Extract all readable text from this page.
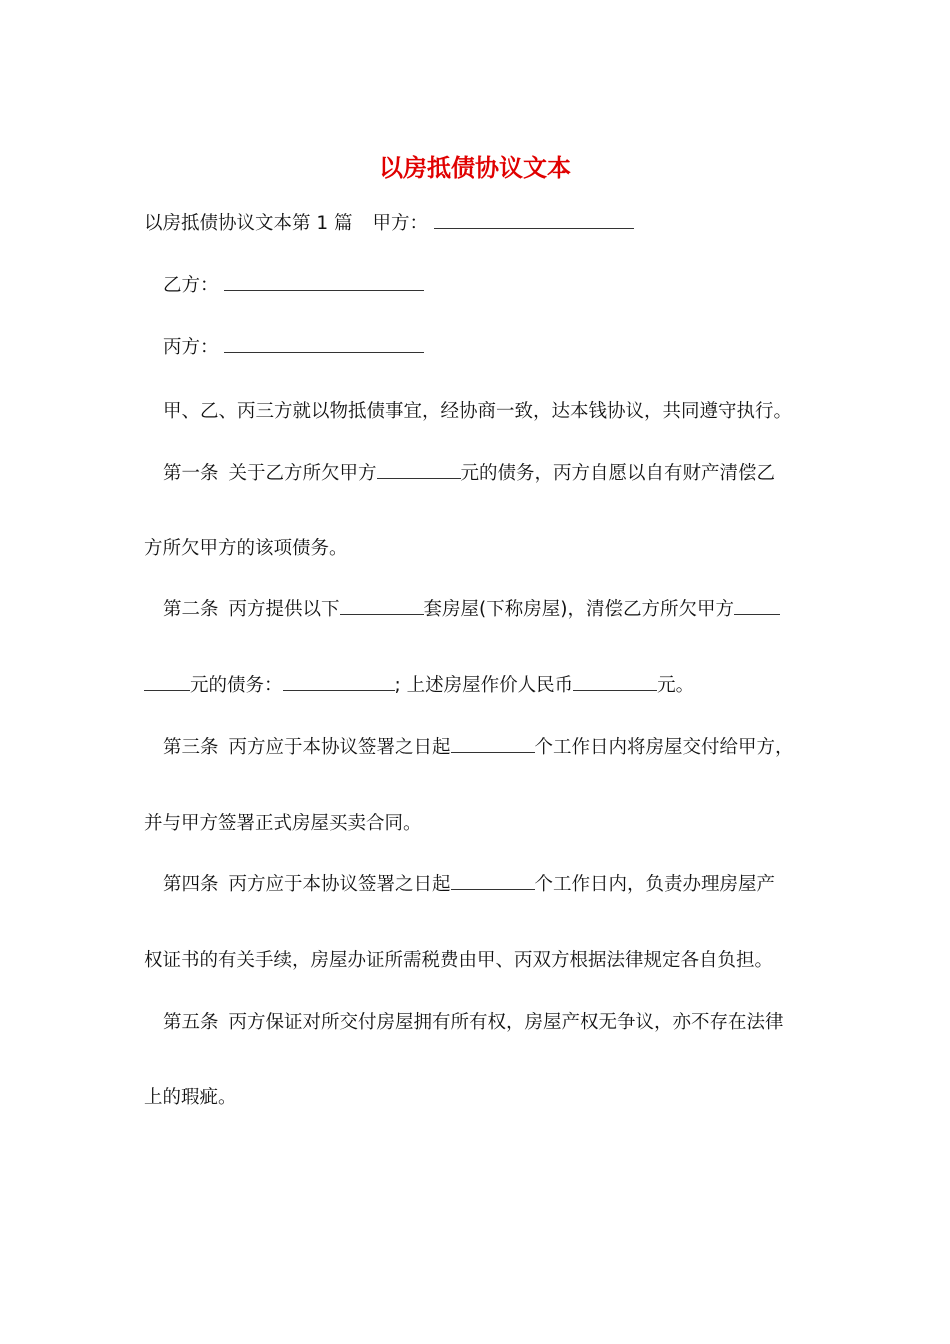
以房抵债协议文本
以房抵债协议文本第 1 篇 甲方：
乙方：
丙方：
甲、乙、丙三方就以物抵债事宜，经协商一致，达本钱协议，共同遵守执行。
第一条 关于乙方所欠甲方	元的债务，丙方自愿以自有财产清偿乙
方所欠甲方的该项债务。
第二条 丙方提供以下	套房屋(下称房屋)，清偿乙方所欠甲方
元的债务：	; 上述房屋作价人民币	元。
第三条 丙方应于本协议签署之日起	个工作日内将房屋交付给甲方，
并与甲方签署正式房屋买卖合同。
第四条 丙方应于本协议签署之日起	个工作日内，负责办理房屋产
权证书的有关手续，房屋办证所需税费由甲、丙双方根据法律规定各自负担。
第五条 丙方保证对所交付房屋拥有所有权，房屋产权无争议，亦不存在法律
上的瑕疵。
